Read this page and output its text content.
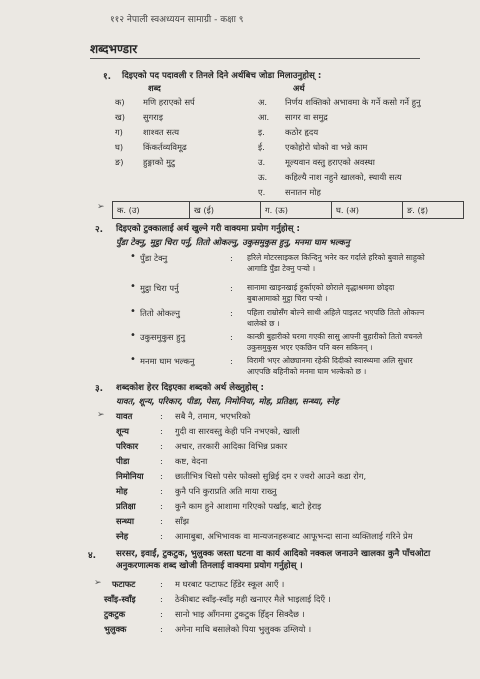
११२ नेपाली स्वअध्ययन सामाग्री - कक्षा ९
शब्दभण्डार
१. दिइएको पद पदावली र तिनले दिने अर्थबिच जोडा मिलाउनुहोस् :
शब्द	अर्थ
क) मणि हराएको सर्प
ख) सुगराइ
ग) शाश्वत सत्य
घ) किंकर्तव्यविमूढ
ङ) हुङ्गाको मुटु
अ. निर्णय शक्तिको अभावमा के गर्ने कसो गर्ने हुनु
आ. सागर वा समुद्र
इ. कठोर हृदय
ई. एकोहोरो धोको वा भन्ने काम
उ. मूल्यवान वस्तु हराएको अवस्था
ऊ. कहिल्यै नाश नहुने खालको, स्थायी सत्य
ए. सनातन मोह
➢ क. (उ)	ख (ई)	ग. (ऊ)	घ. (अ)	ङ. (इ)
२. दिइएको टुक्कालाई अर्थ खुल्ने गरी वाक्यमा प्रयोग गर्नुहोस् :
पुँडा टेक्नु, मुट्ठा चिरा पर्नु, तितो ओकल्नु, उकुसमुकुस हुनु, मनमा घाम भल्कनु
• पुँडा टेक्नु	: हरिले मोटरसाइकल किन्दिनु भनेर कर गर्दाले हरिको बुवाले साहुको आगाडि पुँडा टेक्नु पऱ्यो ।
• मुट्ठा चिरा पर्नु	: सानामा खाइनखाई हुर्काएको छोराले वृद्धाश्रममा छोड्दा बुबाआमाको मुट्ठा चिरा पऱ्यो ।
• तितो ओकल्नु	: पहिला राम्रोसँग बोल्ने साथी अहिले पाइलट भएपछि तितो ओकल्न थालेको छ ।
• उकुसमुकुस हुनु	: कान्छी बुहारीको घरमा गएकी सासु आफ्नी बुहारीको तितो वचनले उकुसमुकुस भएर एकछिन पनि बस्न सकिनन् ।
• मनमा घाम भल्कनु	: विरामी भएर ओछ्यानमा रहेकी दिदीको स्वास्थ्यमा अलि सुधार आएपछि बहिनीको मनमा घाम भल्केको छ ।
३. शब्दकोश हेरर दिइएका शब्दको अर्थ लेख्नुहोस् :
यावत, शून्य, परिकार, पीडा, पेसा, निमोनिया, मोह, प्रतिक्षा, सन्ध्या, स्नेह
➢ यावत	: सबै नै, तमाम, भएभरिको
शून्य	: गुदी वा सारवस्तु केही पनि नभएको, खाली
परिकार	: अचार, तरकारी आदिका विभिन्न प्रकार
पीडा	: कष्ट, वेदना
निमोनिया : छातीभित्र चिसो पसेर फोक्सो सुन्निई दम र ज्वरो आउने कडा रोग,
मोह	: कुनै पनि कुराप्रति अति माया राख्नु
प्रतिक्षा	: कुनै काम हुने आशामा गरिएको पर्खाइ, बाटो हेराइ
सन्ध्या	: साँझ
स्नेह	: आमाबुबा, अभिभावक वा मान्यजनहरूबाट आफूभन्दा साना व्यक्तिलाई गरिने प्रेम
४. सरसर, इवाईं, टुकटुक, भुलुक्क जस्ता घटना वा कार्य आदिको नक्कल जनाउने खालका कुनै पाँचओटा अनुकरणात्मक शब्द खोजी तिनलाई वाक्यमा प्रयोग गर्नुहोस् ।
➢ फटाफट	: म घरबाट फटाफट हिँडेर स्कूल आएँ ।
स्वाँइ-स्वाँइ	: ठेकीबाट स्वाँइ-स्वाँइ मही खनाएर मैले भाइलाई दिएँ ।
टुकटुक	: सानो भाइ आँगनमा टुकटुक हिँड्न सिक्दैछ ।
भुलुक्क	: अगेना माथि बसालेको पिया भुलुक्क उम्लियो ।
